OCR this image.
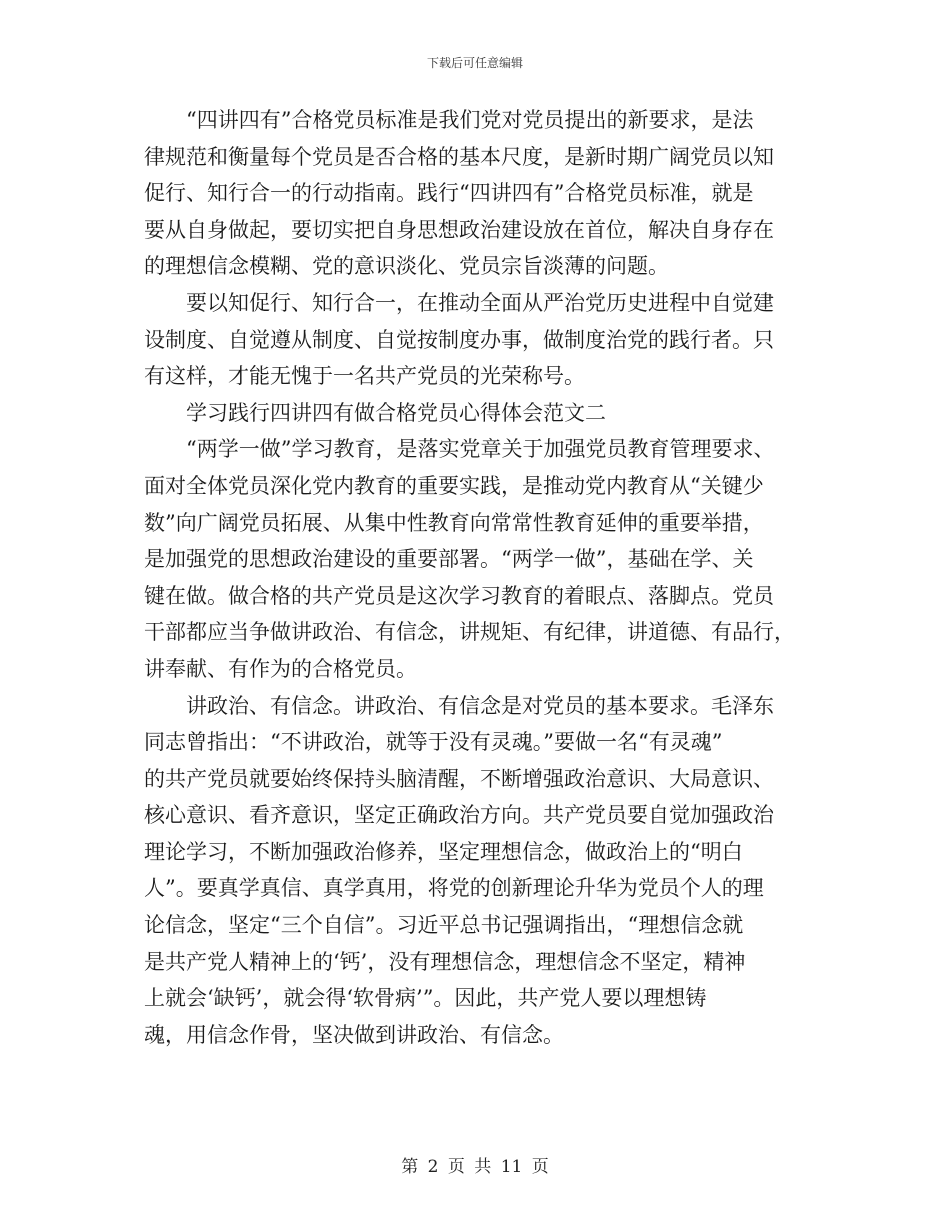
下载后可任意编辑
“四讲四有”合格党员标准是我们党对党员提出的新要求，是法
律规范和衡量每个党员是否合格的基本尺度，是新时期广阔党员以知
促行、知行合一的行动指南。践行“四讲四有”合格党员标准，就是
要从自身做起，要切实把自身思想政治建设放在首位，解决自身存在
的理想信念模糊、党的意识淡化、党员宗旨淡薄的问题。
要以知促行、知行合一，在推动全面从严治党历史进程中自觉建
设制度、自觉遵从制度、自觉按制度办事，做制度治党的践行者。只
有这样，才能无愧于一名共产党员的光荣称号。
学习践行四讲四有做合格党员心得体会范文二
“两学一做”学习教育，是落实党章关于加强党员教育管理要求、
面对全体党员深化党内教育的重要实践，是推动党内教育从“关键少
数”向广阔党员拓展、从集中性教育向常常性教育延伸的重要举措，
是加强党的思想政治建设的重要部署。“两学一做”，基础在学、关
键在做。做合格的共产党员是这次学习教育的着眼点、落脚点。党员
干部都应当争做讲政治、有信念，讲规矩、有纪律，讲道德、有品行，
讲奉献、有作为的合格党员。
讲政治、有信念。讲政治、有信念是对党员的基本要求。毛泽东
同志曾指出：“不讲政治，就等于没有灵魂。”要做一名“有灵魂”
的共产党员就要始终保持头脑清醒，不断增强政治意识、大局意识、
核心意识、看齐意识，坚定正确政治方向。共产党员要自觉加强政治
理论学习，不断加强政治修养，坚定理想信念，做政治上的“明白
人”。要真学真信、真学真用，将党的创新理论升华为党员个人的理
论信念，坚定“三个自信”。习近平总书记强调指出，“理想信念就
是共产党人精神上的‘钙’，没有理想信念，理想信念不坚定，精神
上就会‘缺钙’，就会得‘软骨病’”。因此，共产党人要以理想铸
魂，用信念作骨，坚决做到讲政治、有信念。
第 2 页 共 11 页
